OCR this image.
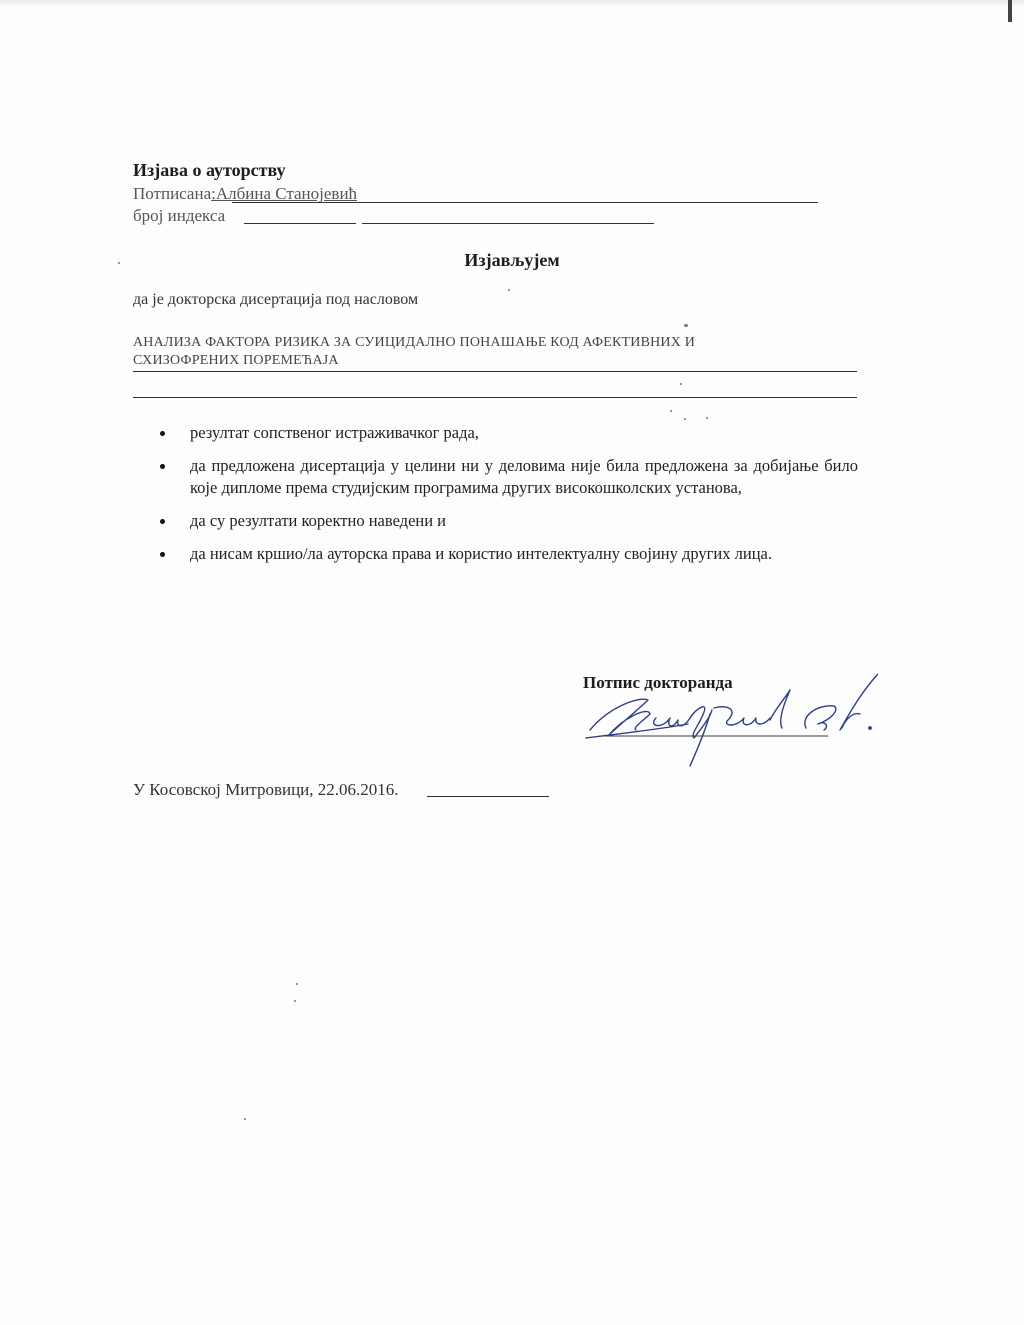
Изјава о ауторству
Потписана:Албина Станојевић
број индекса
Изјављујем
да је докторска дисертација под насловом
АНАЛИЗА ФАКТОРА РИЗИКА ЗА СУИЦИДАЛНО ПОНАШАЊЕ КОД АФЕКТИВНИХ И
СХИЗОФРЕНИХ ПОРЕМЕЋАЈА
резултат сопственог истраживачког рада,
да предложена дисертација у целини ни у деловима није била предложена за добијање било које дипломе према студијским програмима других високошколских установа,
да су резултати коректно наведени и
да нисам кршио/ла ауторска права и користио интелектуалну својину других лица.
Потпис докторанда
У Косовској Митровици, 22.06.2016.
